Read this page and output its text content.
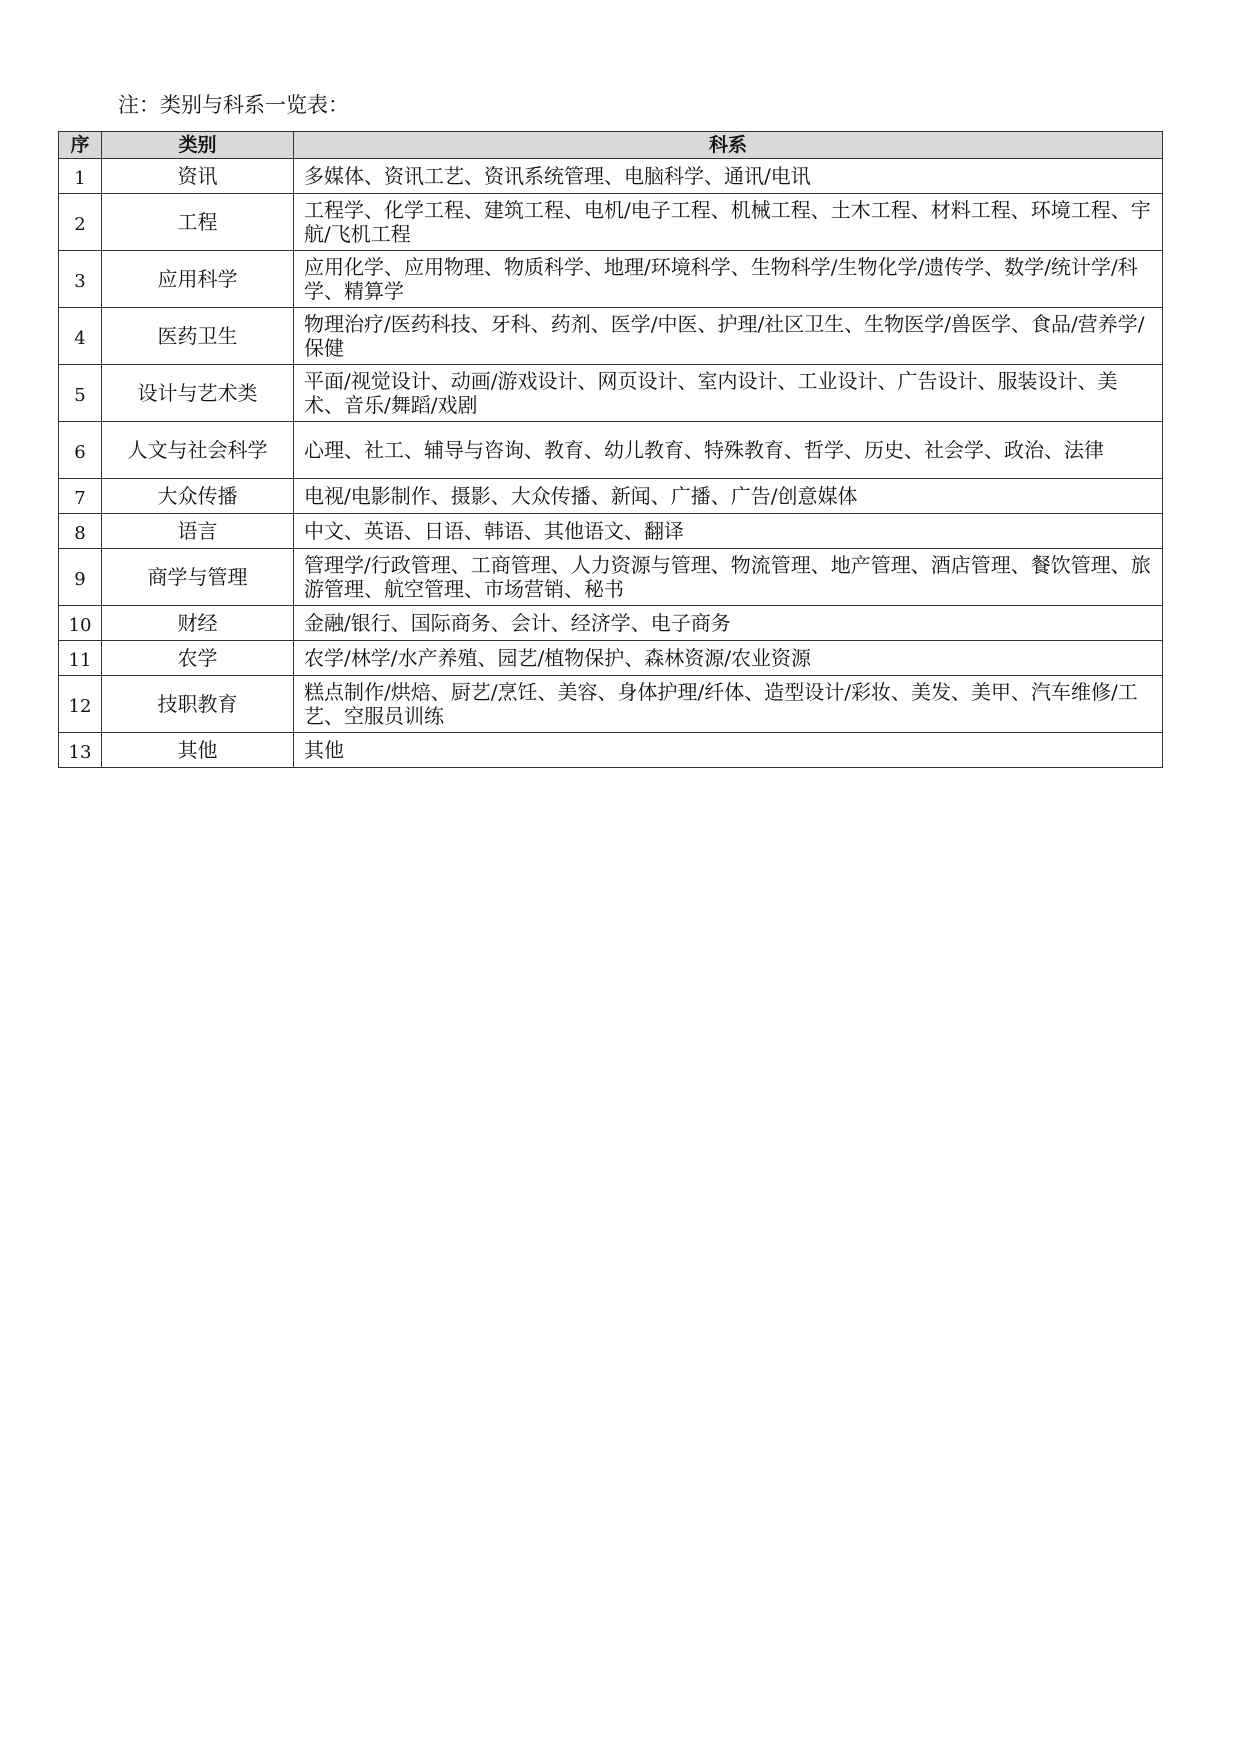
注：类别与科系一览表：
序	类别	科系
1	资讯	多媒体、资讯工艺、资讯系统管理、电脑科学、通讯/电讯
2	工程	工程学、化学工程、建筑工程、电机/电子工程、机械工程、土木工程、材料工程、环境工程、宇航/飞机工程
3	应用科学	应用化学、应用物理、物质科学、地理/环境科学、生物科学/生物化学/遗传学、数学/统计学/科学、精算学
4	医药卫生	物理治疗/医药科技、牙科、药剂、医学/中医、护理/社区卫生、生物医学/兽医学、食品/营养学/保健
5	设计与艺术类	平面/视觉设计、动画/游戏设计、网页设计、室内设计、工业设计、广告设计、服装设计、美术、音乐/舞蹈/戏剧
6	人文与社会科学	心理、社工、辅导与咨询、教育、幼儿教育、特殊教育、哲学、历史、社会学、政治、法律
7	大众传播	电视/电影制作、摄影、大众传播、新闻、广播、广告/创意媒体
8	语言	中文、英语、日语、韩语、其他语文、翻译
9	商学与管理	管理学/行政管理、工商管理、人力资源与管理、物流管理、地产管理、酒店管理、餐饮管理、旅游管理、航空管理、市场营销、秘书
10	财经	金融/银行、国际商务、会计、经济学、电子商务
11	农学	农学/林学/水产养殖、园艺/植物保护、森林资源/农业资源
12	技职教育	糕点制作/烘焙、厨艺/烹饪、美容、身体护理/纤体、造型设计/彩妆、美发、美甲、汽车维修/工艺、空服员训练
13	其他	其他
